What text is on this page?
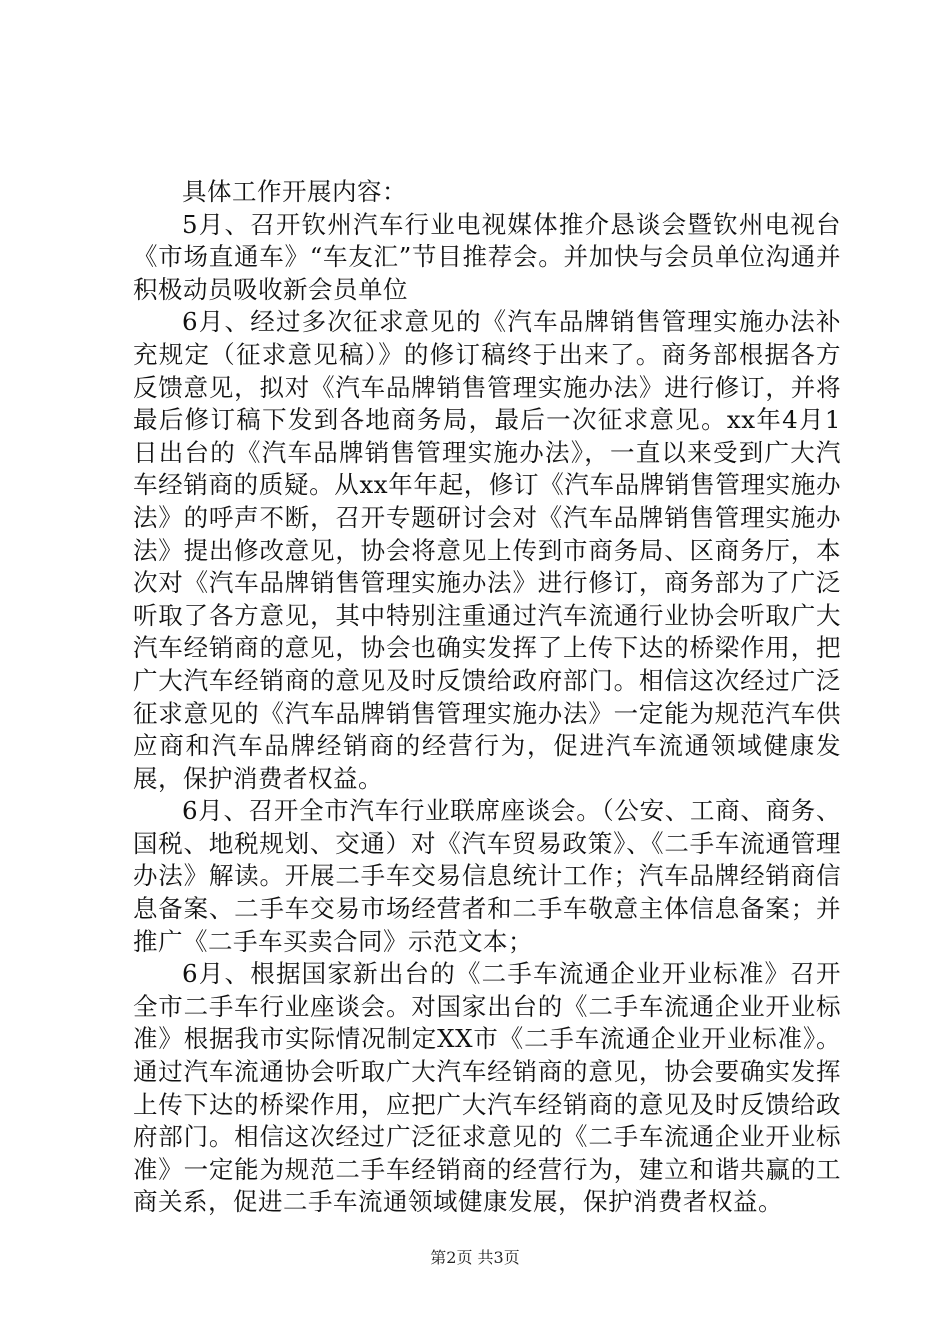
具体工作开展内容：

5月、召开钦州汽车行业电视媒体推介恳谈会暨钦州电视台《市场直通车》“车友汇”节目推荐会。并加快与会员单位沟通并积极动员吸收新会员单位

6月、经过多次征求意见的《汽车品牌销售管理实施办法补充规定（征求意见稿）》的修订稿终于出来了。商务部根据各方反馈意见，拟对《汽车品牌销售管理实施办法》进行修订，并将最后修订稿下发到各地商务局，最后一次征求意见。xx年4月1日出台的《汽车品牌销售管理实施办法》，一直以来受到广大汽车经销商的质疑。从xx年年起，修订《汽车品牌销售管理实施办法》的呼声不断，召开专题研讨会对《汽车品牌销售管理实施办法》提出修改意见，协会将意见上传到市商务局、区商务厅，本次对《汽车品牌销售管理实施办法》进行修订，商务部为了广泛听取了各方意见，其中特别注重通过汽车流通行业协会听取广大汽车经销商的意见，协会也确实发挥了上传下达的桥梁作用，把广大汽车经销商的意见及时反馈给政府部门。相信这次经过广泛征求意见的《汽车品牌销售管理实施办法》一定能为规范汽车供应商和汽车品牌经销商的经营行为，促进汽车流通领域健康发展，保护消费者权益。

6月、召开全市汽车行业联席座谈会。（公安、工商、商务、国税、地税规划、交通）对《汽车贸易政策》、《二手车流通管理办法》解读。开展二手车交易信息统计工作；汽车品牌经销商信息备案、二手车交易市场经营者和二手车敬意主体信息备案；并推广《二手车买卖合同》示范文本；

6月、根据国家新出台的《二手车流通企业开业标准》召开全市二手车行业座谈会。对国家出台的《二手车流通企业开业标准》根据我市实际情况制定XX市《二手车流通企业开业标准》。通过汽车流通协会听取广大汽车经销商的意见，协会要确实发挥上传下达的桥梁作用，应把广大汽车经销商的意见及时反馈给政府部门。相信这次经过广泛征求意见的《二手车流通企业开业标准》一定能为规范二手车经销商的经营行为，建立和谐共赢的工商关系，促进二手车流通领域健康发展，保护消费者权益。

第2页 共3页
